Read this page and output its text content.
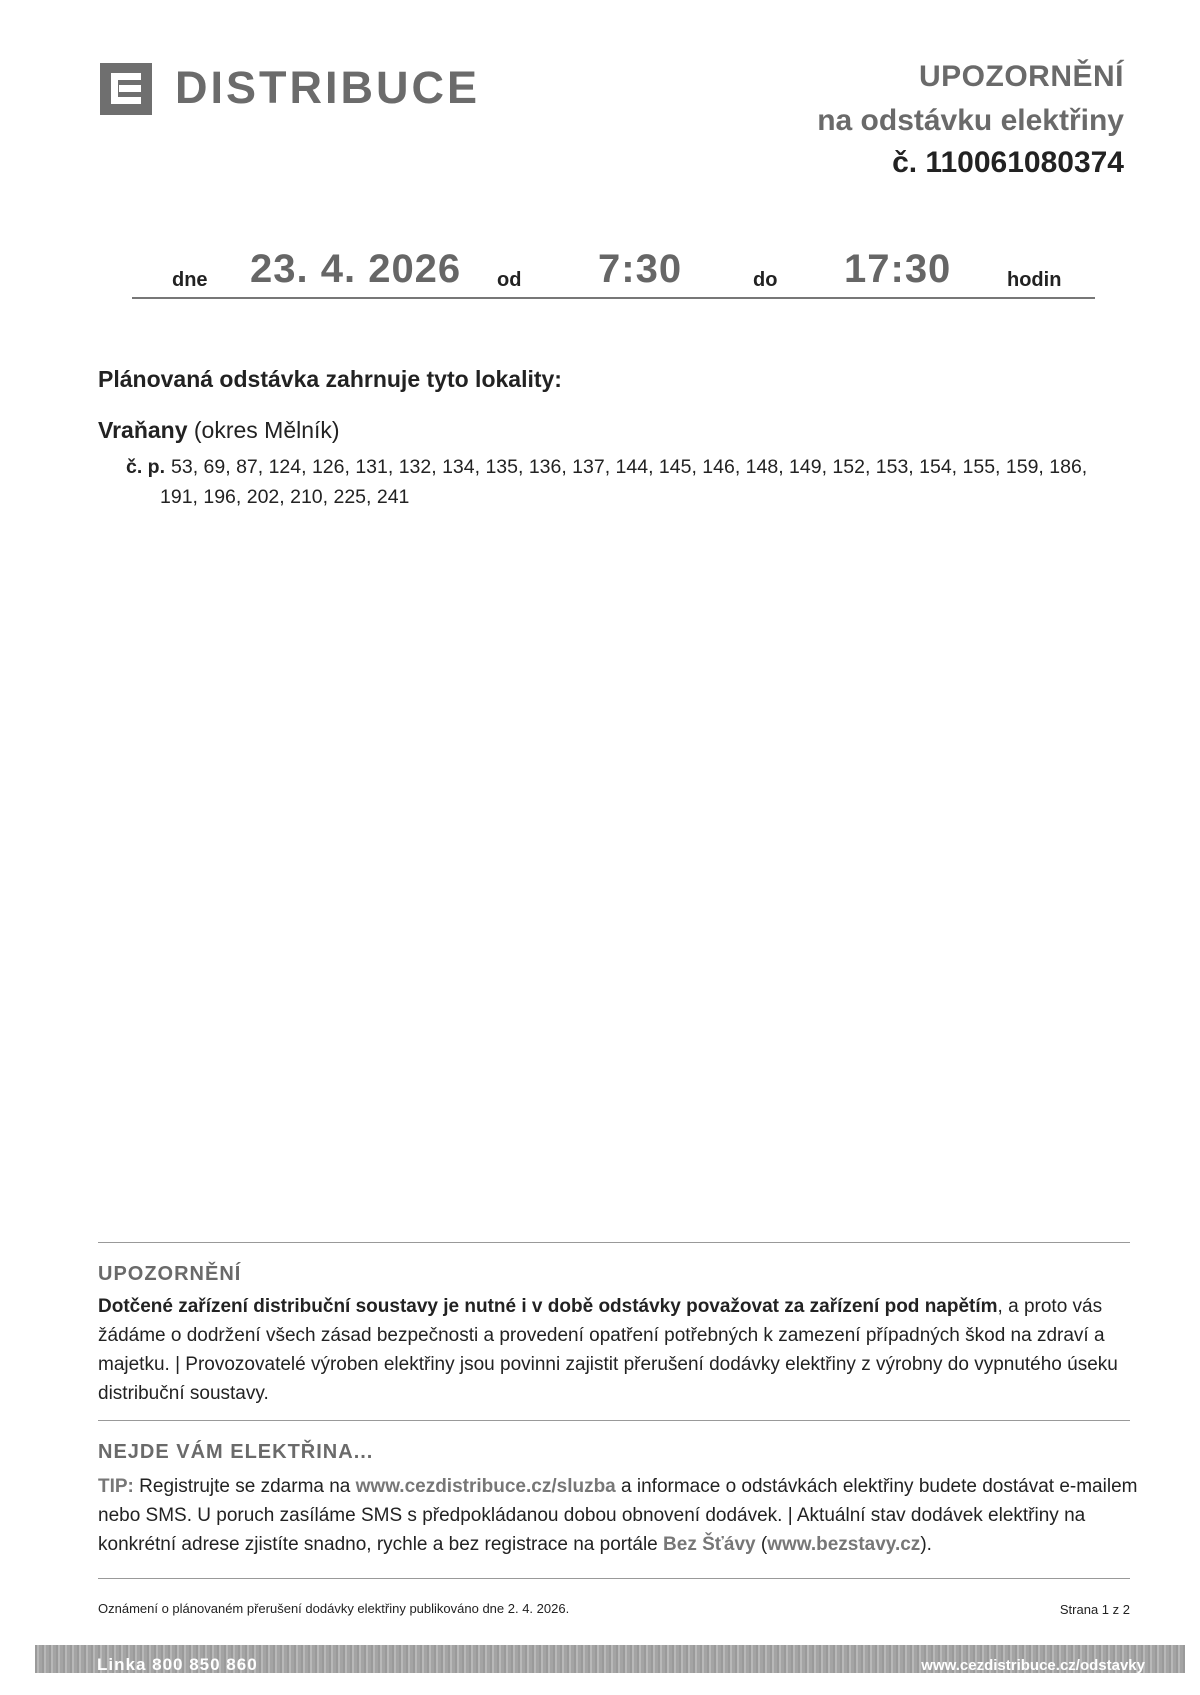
DISTRIBUCE	UPOZORNĚNÍ
na odstávku elektřiny
č. 110061080374
dne 23. 4. 2026 od 7:30	do 17:30	hodin
Plánovaná odstávka zahrnuje tyto lokality:
Vraňany (okres Mělník)
č. p. 53, 69, 87, 124, 126, 131, 132, 134, 135, 136, 137, 144, 145, 146, 148, 149, 152, 153, 154, 155, 159, 186,
191, 196, 202, 210, 225, 241
UPOZORNĚNÍ
Dotčené zařízení distribuční soustavy je nutné i v době odstávky považovat za zařízení pod napětím, a proto vás žádáme o dodržení všech zásad bezpečnosti a provedení opatření potřebných k zamezení případných škod na zdraví a majetku. | Provozovatelé výroben elektřiny jsou povinni zajistit přerušení dodávky elektřiny z výrobny do vypnutého úseku distribuční soustavy.
NEJDE VÁM ELEKTŘINA...
TIP: Registrujte se zdarma na www.cezdistribuce.cz/sluzba a informace o odstávkách elektřiny budete dostávat e-mailem nebo SMS. U poruch zasíláme SMS s předpokládanou dobou obnovení dodávek. | Aktuální stav dodávek elektřiny na konkrétní adrese zjistíte snadno, rychle a bez registrace na portále Bez Šťávy (www.bezstavy.cz).
Oznámení o plánovaném přerušení dodávky elektřiny publikováno dne 2. 4. 2026.	Strana 1 z 2
Linka 800 850 860	www.cezdistribuce.cz/odstavky
